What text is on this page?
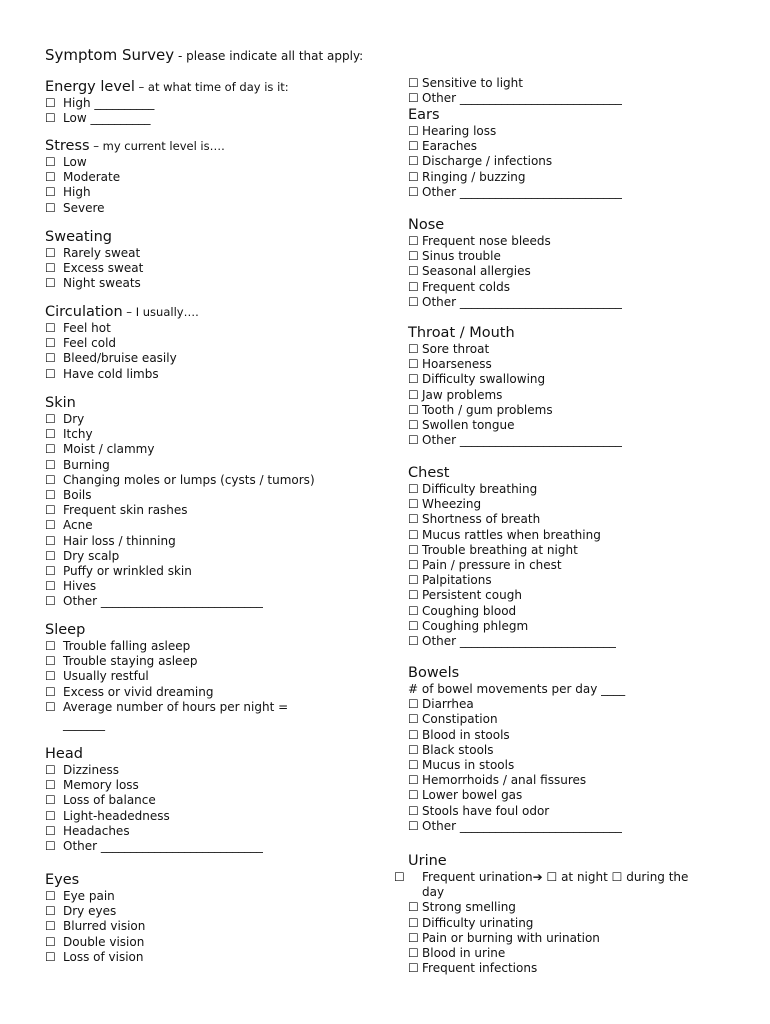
Symptom Survey - please indicate all that apply:
Energy level – at what time of day is it:
☐ High __________
☐ Low __________
Stress – my current level is….
☐ Low
☐ Moderate
☐ High
☐ Severe
Sweating
☐ Rarely sweat
☐ Excess sweat
☐ Night sweats
Circulation – I usually….
☐ Feel hot
☐ Feel cold
☐ Bleed/bruise easily
☐ Have cold limbs
Skin
☐ Dry
☐ Itchy
☐ Moist / clammy
☐ Burning
☐ Changing moles or lumps (cysts / tumors)
☐ Boils
☐ Frequent skin rashes
☐ Acne
☐ Hair loss / thinning
☐ Dry scalp
☐ Puffy or wrinkled skin
☐ Hives
☐ Other ___________________________
Sleep
☐ Trouble falling asleep
☐ Trouble staying asleep
☐ Usually restful
☐ Excess or vivid dreaming
☐ Average number of hours per night =
_______
Head
☐ Dizziness
☐ Memory loss
☐ Loss of balance
☐ Light-headedness
☐ Headaches
☐ Other ___________________________
Eyes
☐ Eye pain
☐ Dry eyes
☐ Blurred vision
☐ Double vision
☐ Loss of vision
☐ Sensitive to light
☐ Other ___________________________
Ears
☐ Hearing loss
☐ Earaches
☐ Discharge / infections
☐ Ringing / buzzing
☐ Other ___________________________
Nose
☐ Frequent nose bleeds
☐ Sinus trouble
☐ Seasonal allergies
☐ Frequent colds
☐ Other ___________________________
Throat / Mouth
☐ Sore throat
☐ Hoarseness
☐ Difficulty swallowing
☐ Jaw problems
☐ Tooth / gum problems
☐ Swollen tongue
☐ Other ___________________________
Chest
☐ Difficulty breathing
☐ Wheezing
☐ Shortness of breath
☐ Mucus rattles when breathing
☐ Trouble breathing at night
☐ Pain / pressure in chest
☐ Palpitations
☐ Persistent cough
☐ Coughing blood
☐ Coughing phlegm
☐ Other __________________________
Bowels
# of bowel movements per day ____
☐ Diarrhea
☐ Constipation
☐ Blood in stools
☐ Black stools
☐ Mucus in stools
☐ Hemorrhoids / anal fissures
☐ Lower bowel gas
☐ Stools have foul odor
☐ Other ___________________________
Urine
☐ Frequent urination➔ ☐ at night ☐ during the day
☐ Strong smelling
☐ Difficulty urinating
☐ Pain or burning with urination
☐ Blood in urine
☐ Frequent infections
